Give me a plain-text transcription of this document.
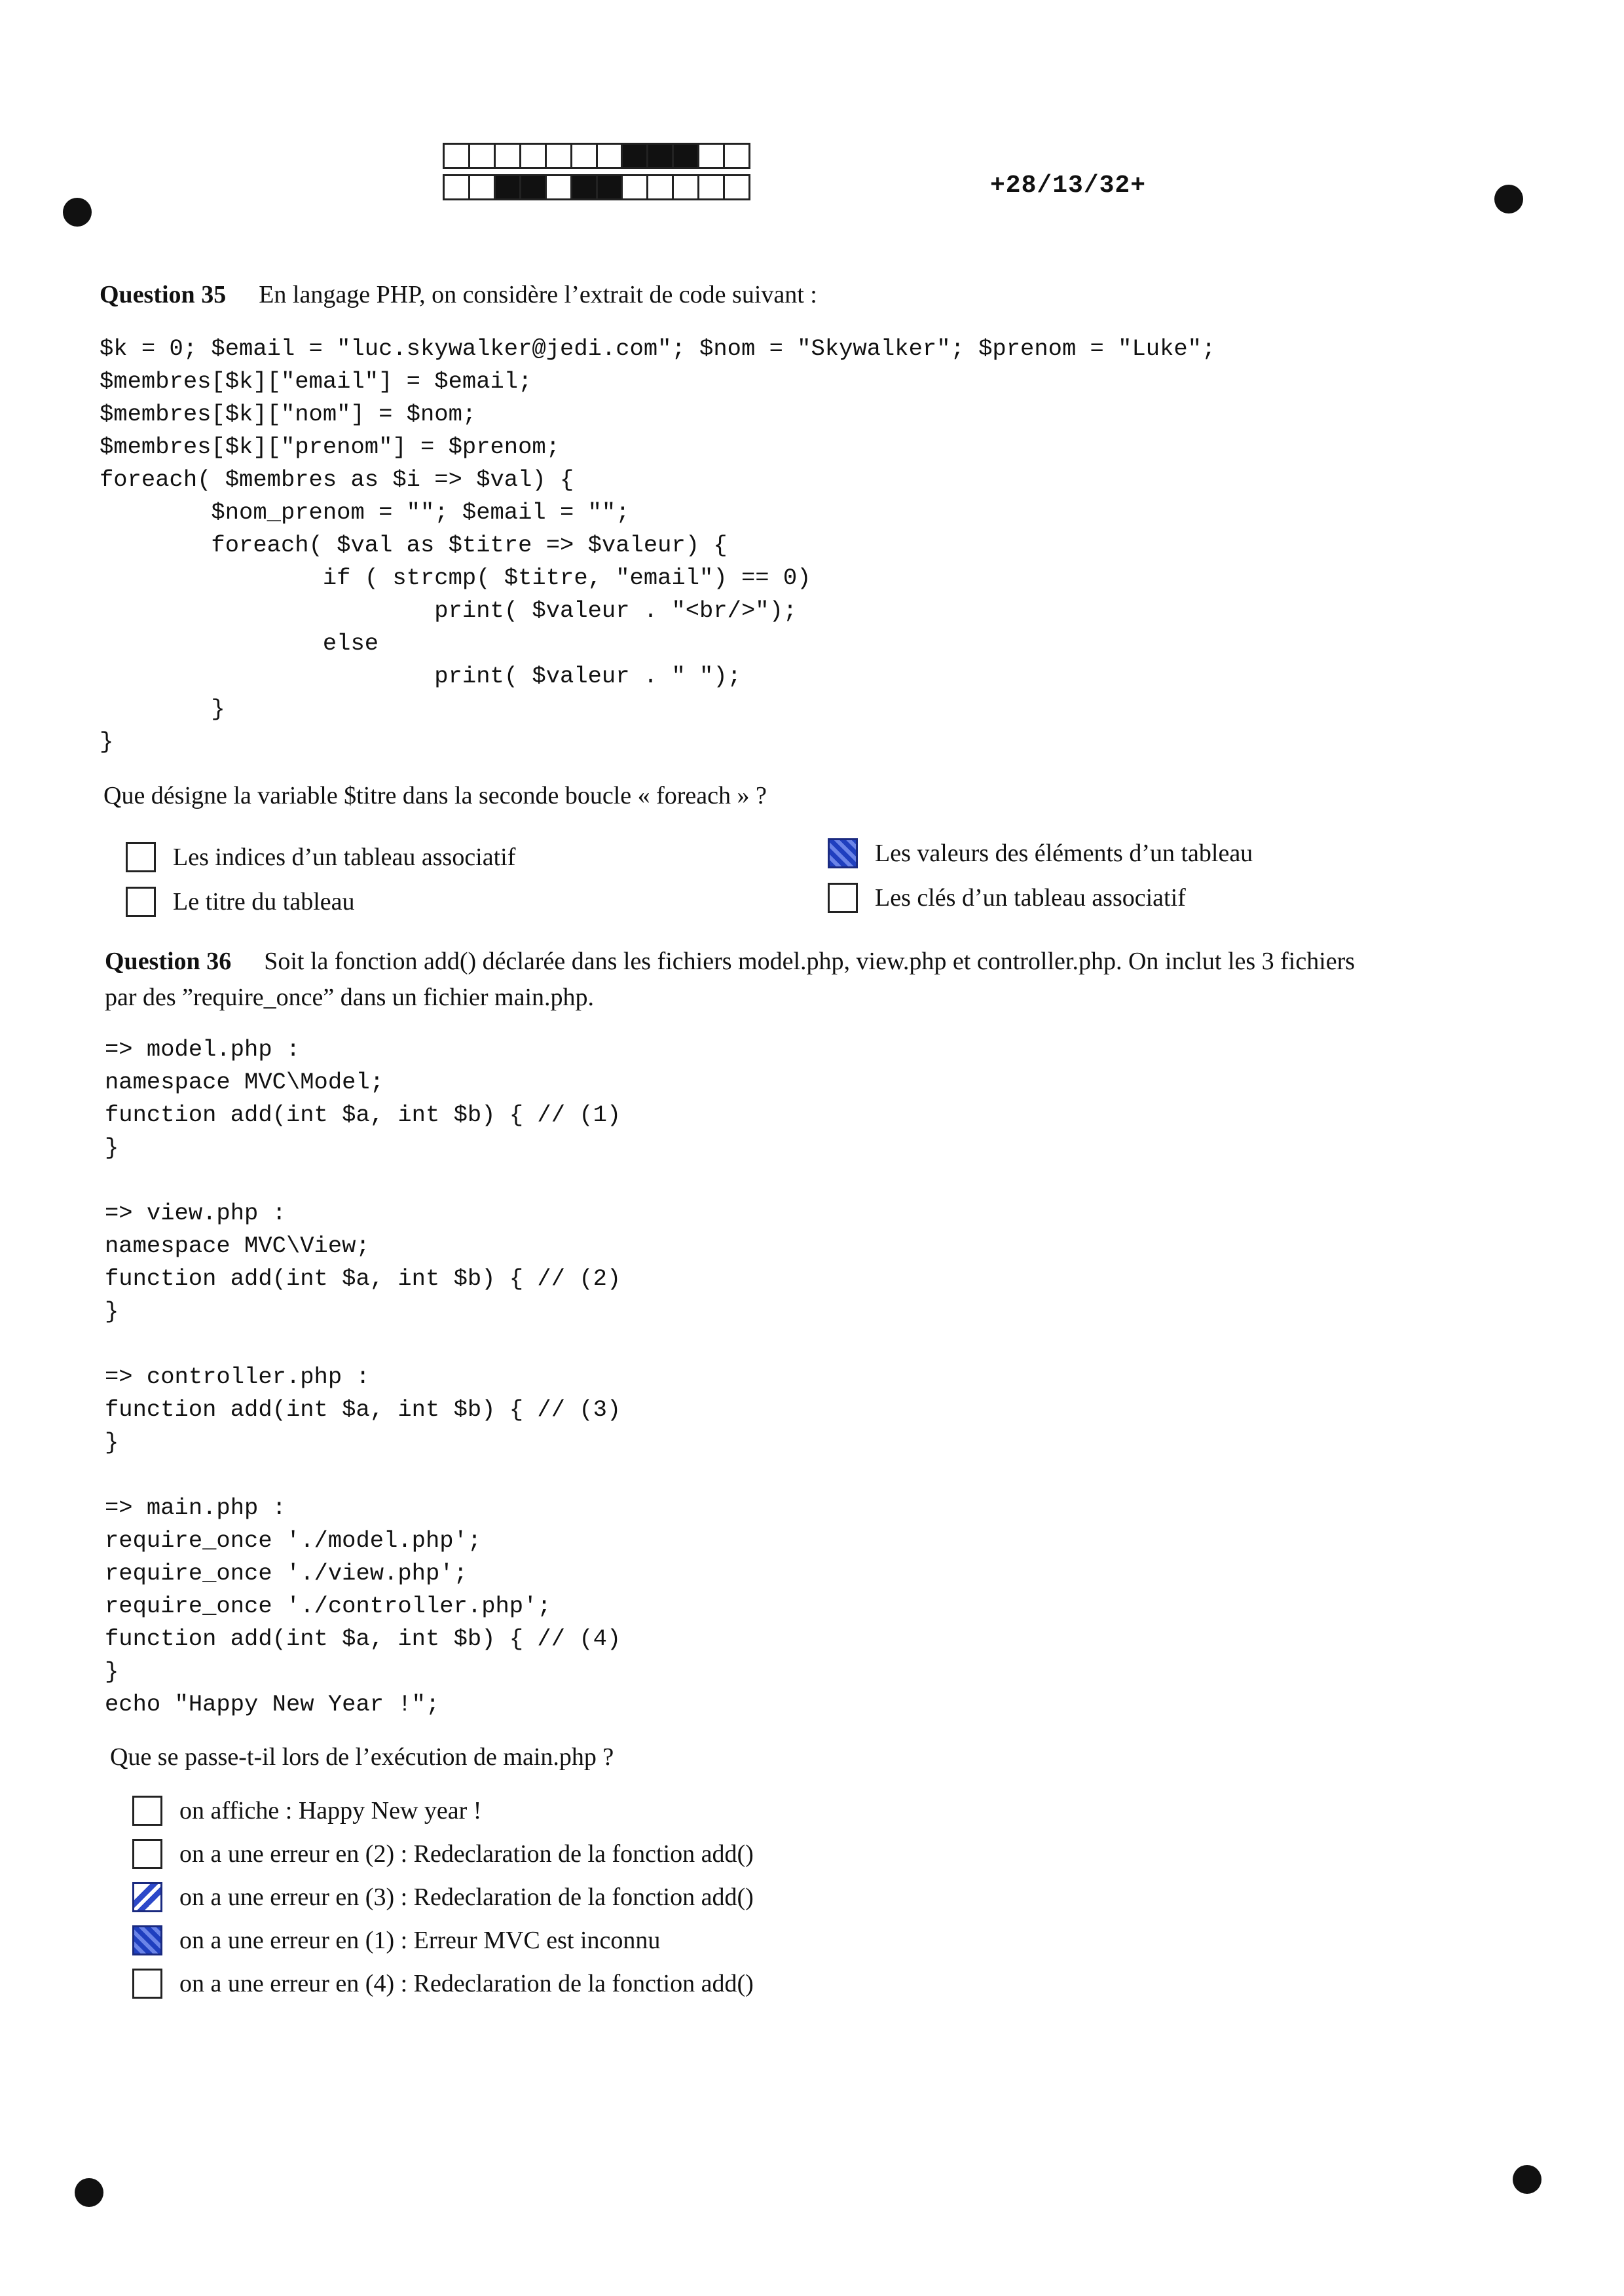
+28/13/32+
Question 35 En langage PHP, on considère l’extrait de code suivant :
$k = 0; $email = "luc.skywalker@jedi.com"; $nom = "Skywalker"; $prenom = "Luke";
$membres[$k]["email"] = $email;
$membres[$k]["nom"] = $nom;
$membres[$k]["prenom"] = $prenom;
foreach( $membres as $i => $val) {
$nom_prenom = ""; $email = "";
foreach( $val as $titre => $valeur) {
if ( strcmp( $titre, "email") == 0)
print( $valeur . "<br/>");
else
print( $valeur . " ");
}
}
Que désigne la variable $titre dans la seconde boucle « foreach » ?
Les indices d’un tableau associatif
Le titre du tableau
Les valeurs des éléments d’un tableau
Les clés d’un tableau associatif
Question 36 Soit la fonction add() déclarée dans les fichiers model.php, view.php et controller.php. On inclut les 3 fichiers
par des ”require_once” dans un fichier main.php.
=> model.php :
namespace MVC\Model;
function add(int $a, int $b) { // (1)
}

=> view.php :
namespace MVC\View;
function add(int $a, int $b) { // (2)
}

=> controller.php :
function add(int $a, int $b) { // (3)
}

=> main.php :
require_once './model.php';
require_once './view.php';
require_once './controller.php';
function add(int $a, int $b) { // (4)
}
echo "Happy New Year !";
Que se passe-t-il lors de l’exécution de main.php ?
on affiche : Happy New year !
on a une erreur en (2) : Redeclaration de la fonction add()
on a une erreur en (3) : Redeclaration de la fonction add()
on a une erreur en (1) : Erreur MVC est inconnu
on a une erreur en (4) : Redeclaration de la fonction add()
